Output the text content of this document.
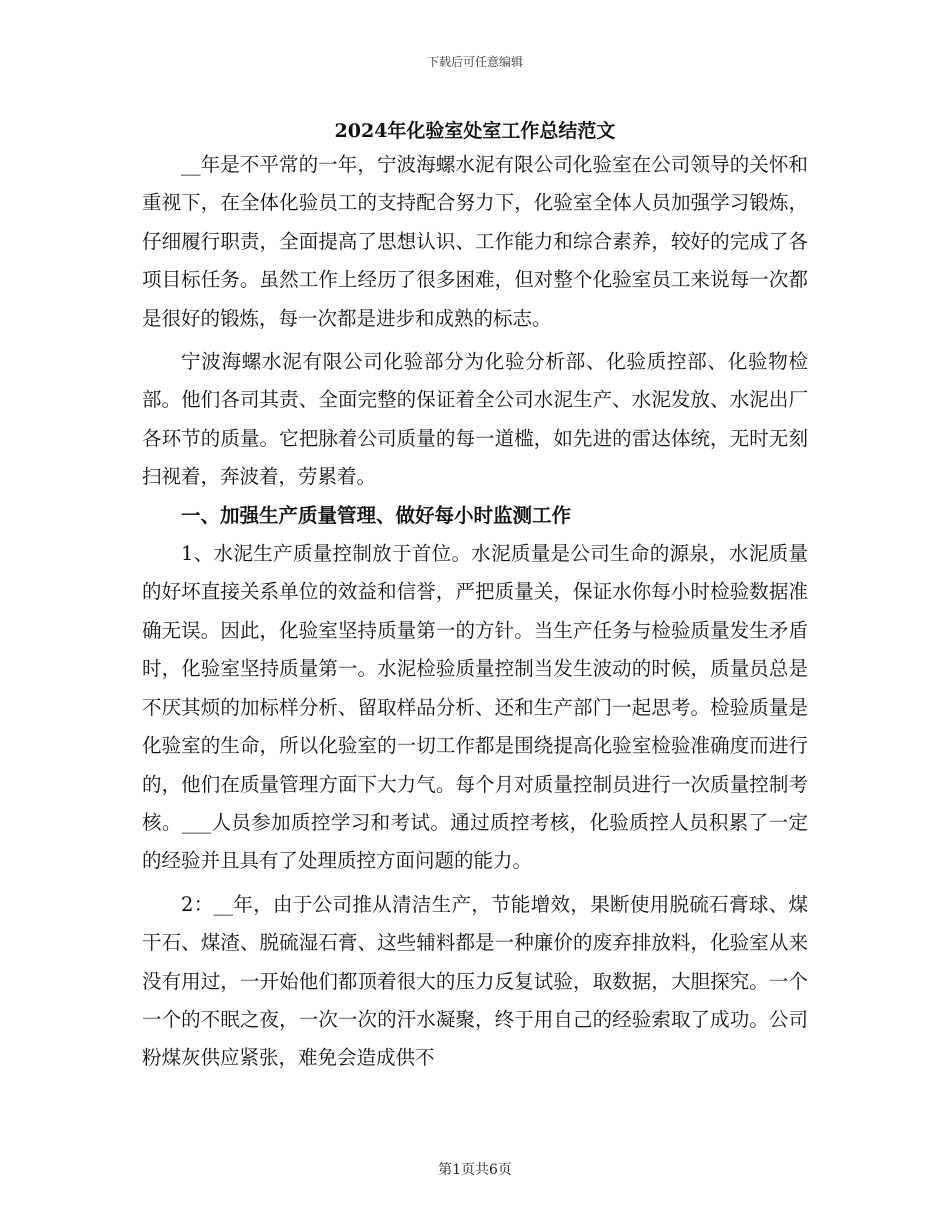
下载后可任意编辑
2024年化验室处室工作总结范文

__年是不平常的一年，宁波海螺水泥有限公司化验室在公司领导的关怀和重视下，在全体化验员工的支持配合努力下，化验室全体人员加强学习锻炼，仔细履行职责，全面提高了思想认识、工作能力和综合素养，较好的完成了各项目标任务。虽然工作上经历了很多困难，但对整个化验室员工来说每一次都是很好的锻炼，每一次都是进步和成熟的标志。

宁波海螺水泥有限公司化验部分为化验分析部、化验质控部、化验物检部。他们各司其责、全面完整的保证着全公司水泥生产、水泥发放、水泥出厂各环节的质量。它把脉着公司质量的每一道槛，如先进的雷达体统，无时无刻扫视着，奔波着，劳累着。

一、加强生产质量管理、做好每小时监测工作

1、水泥生产质量控制放于首位。水泥质量是公司生命的源泉，水泥质量的好坏直接关系单位的效益和信誉，严把质量关，保证水你每小时检验数据准确无误。因此，化验室坚持质量第一的方针。当生产任务与检验质量发生矛盾时，化验室坚持质量第一。水泥检验质量控制当发生波动的时候，质量员总是不厌其烦的加标样分析、留取样品分析、还和生产部门一起思考。检验质量是化验室的生命，所以化验室的一切工作都是围绕提高化验室检验准确度而进行的，他们在质量管理方面下大力气。每个月对质量控制员进行一次质量控制考核。___人员参加质控学习和考试。通过质控考核，化验质控人员积累了一定的经验并且具有了处理质控方面问题的能力。

2：__年，由于公司推从清洁生产，节能增效，果断使用脱硫石膏球、煤干石、煤渣、脱硫湿石膏、这些辅料都是一种廉价的废弃排放料，化验室从来没有用过，一开始他们都顶着很大的压力反复试验，取数据，大胆探究。一个一个的不眠之夜，一次一次的汗水凝聚，终于用自己的经验索取了成功。公司粉煤灰供应紧张，难免会造成供不

第1页共6页
